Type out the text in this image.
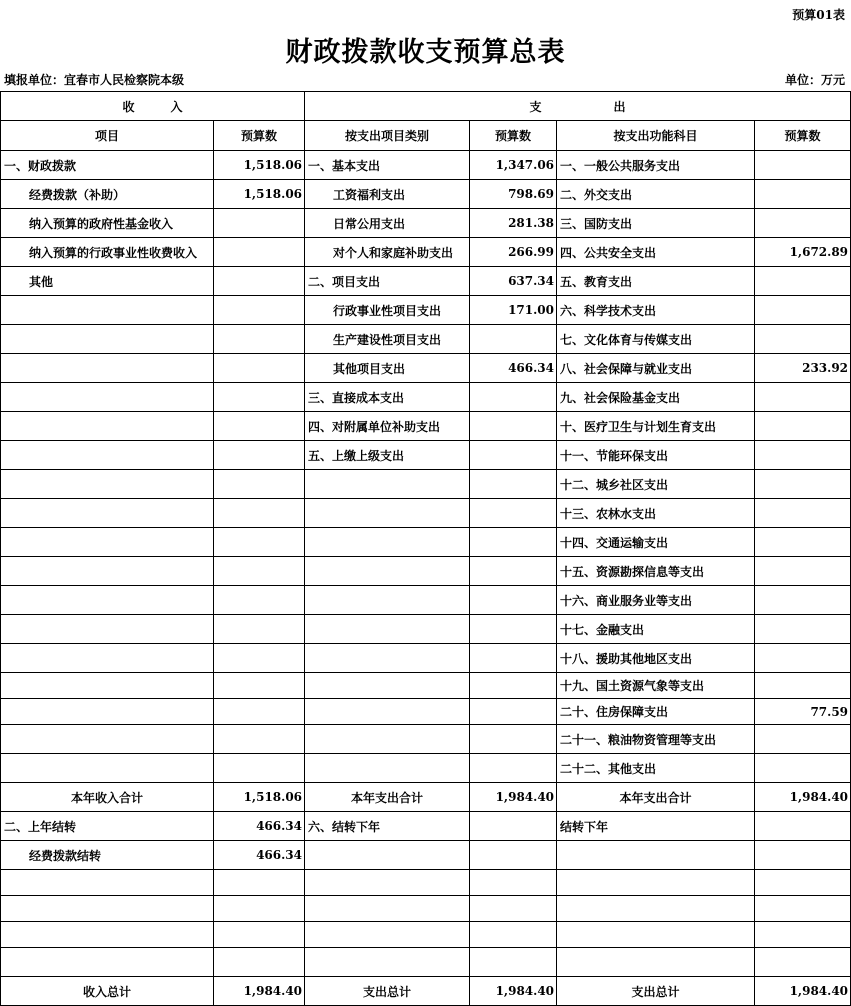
预算01表
财政拨款收支预算总表
填报单位：宜春市人民检察院本级	单位：万元
收　　　入		支　　　　　　出			
项目	预算数	按支出项目类别	预算数	按支出功能科目	预算数
一、财政拨款	1,518.06	一、基本支出	1,347.06	一、一般公共服务支出	
经费拨款（补助）	1,518.06	工资福利支出	798.69	二、外交支出	
纳入预算的政府性基金收入		日常公用支出	281.38	三、国防支出	
纳入预算的行政事业性收费收入		对个人和家庭补助支出	266.99	四、公共安全支出	1,672.89
其他		二、项目支出	637.34	五、教育支出	
		行政事业性项目支出	171.00	六、科学技术支出	
		生产建设性项目支出		七、文化体育与传媒支出	
		其他项目支出	466.34	八、社会保障与就业支出	233.92
		三、直接成本支出		九、社会保险基金支出	
		四、对附属单位补助支出		十、医疗卫生与计划生育支出	
		五、上缴上级支出		十一、节能环保支出	
				十二、城乡社区支出	
				十三、农林水支出	
				十四、交通运输支出	
				十五、资源勘探信息等支出	
				十六、商业服务业等支出	
				十七、金融支出	
				十八、援助其他地区支出	
				十九、国土资源气象等支出	
				二十、住房保障支出	77.59
				二十一、粮油物资管理等支出	
				二十二、其他支出	
本年收入合计	1,518.06	本年支出合计	1,984.40	本年支出合计	1,984.40
二、上年结转	466.34	六、结转下年		结转下年	
经费拨款结转	466.34				

收入总计	1,984.40	支出总计	1,984.40	支出总计	1,984.40
